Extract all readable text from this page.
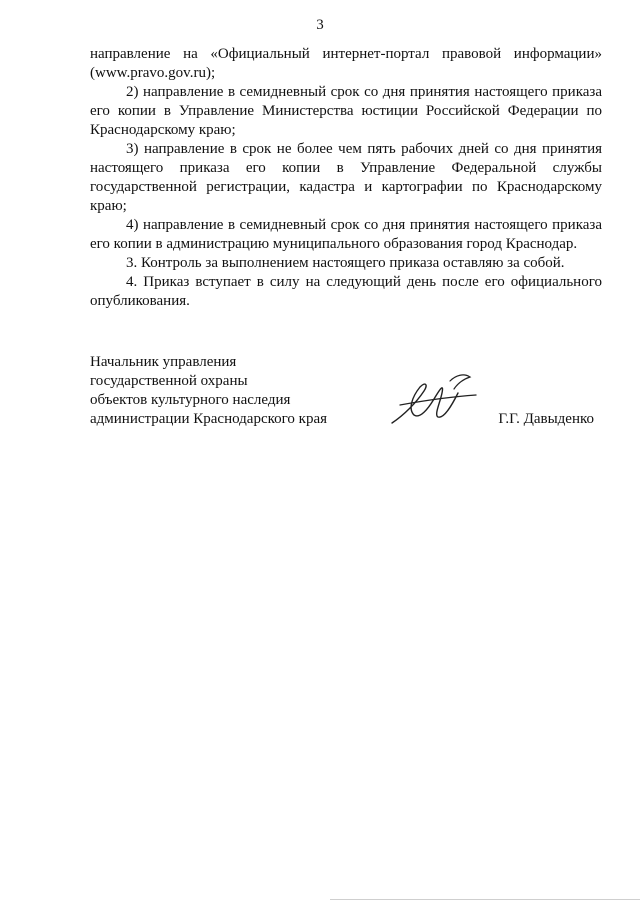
3

направление на «Официальный интернет-портал правовой информации» (www.pravo.gov.ru);

2) направление в семидневный срок со дня принятия настоящего приказа его копии в Управление Министерства юстиции Российской Федерации по Краснодарскому краю;

3) направление в срок не более чем пять рабочих дней со дня принятия настоящего приказа его копии в Управление Федеральной службы государственной регистрации, кадастра и картографии по Краснодарскому краю;

4) направление в семидневный срок со дня принятия настоящего приказа его копии в администрацию муниципального образования город Краснодар.

3. Контроль за выполнением настоящего приказа оставляю за собой.

4. Приказ вступает в силу на следующий день после его официального опубликования.

Начальник управления
государственной охраны
объектов культурного наследия
администрации Краснодарского края	Г.Г. Давыденко
